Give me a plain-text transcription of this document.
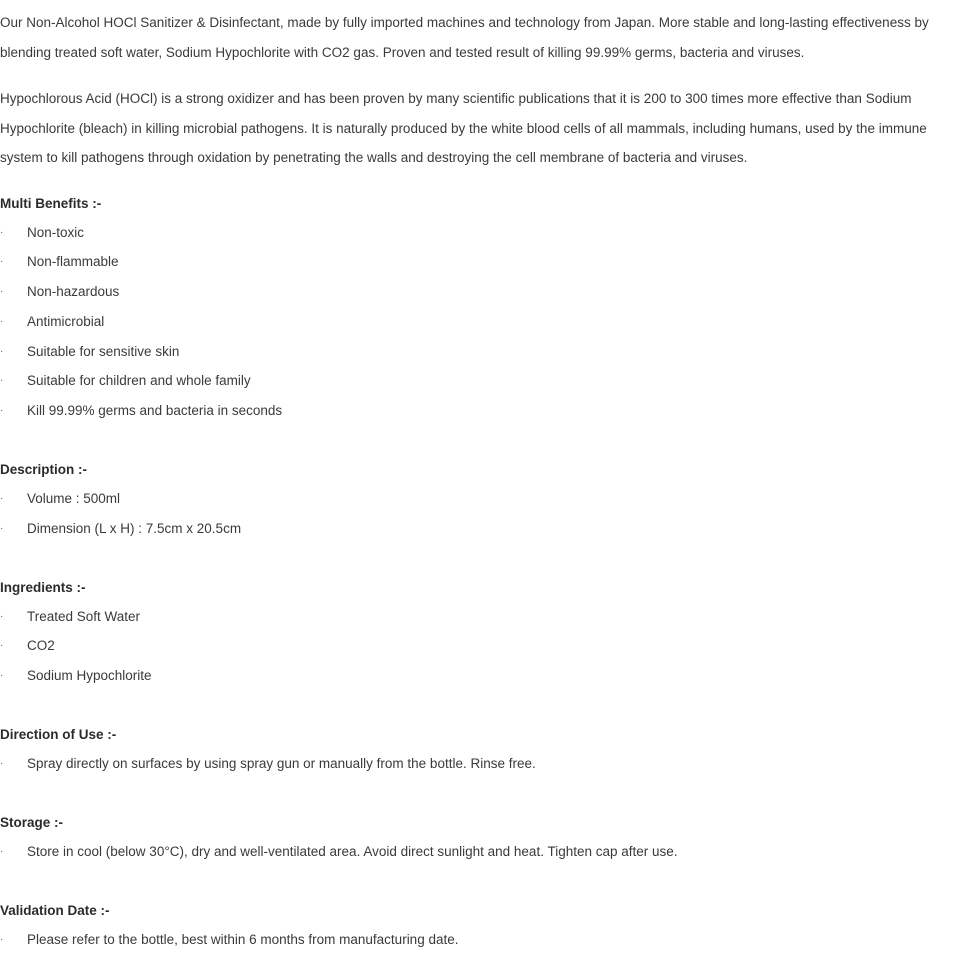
Our Non-Alcohol HOCl Sanitizer & Disinfectant, made by fully imported machines and technology from Japan. More stable and long-lasting effectiveness by blending treated soft water, Sodium Hypochlorite with CO2 gas. Proven and tested result of killing 99.99% germs, bacteria and viruses.

Hypochlorous Acid (HOCl) is a strong oxidizer and has been proven by many scientific publications that it is 200 to 300 times more effective than Sodium Hypochlorite (bleach) in killing microbial pathogens. It is naturally produced by the white blood cells of all mammals, including humans, used by the immune system to kill pathogens through oxidation by penetrating the walls and destroying the cell membrane of bacteria and viruses.

Multi Benefits :-

· Non-toxic
· Non-flammable
· Non-hazardous
· Antimicrobial
· Suitable for sensitive skin
· Suitable for children and whole family
· Kill 99.99% germs and bacteria in seconds

Description :-

· Volume : 500ml
· Dimension (L x H) : 7.5cm x 20.5cm

Ingredients :-

· Treated Soft Water
· CO2
· Sodium Hypochlorite

Direction of Use :-

· Spray directly on surfaces by using spray gun or manually from the bottle. Rinse free.

Storage :-

· Store in cool (below 30°C), dry and well-ventilated area. Avoid direct sunlight and heat. Tighten cap after use.

Validation Date :-

· Please refer to the bottle, best within 6 months from manufacturing date.
